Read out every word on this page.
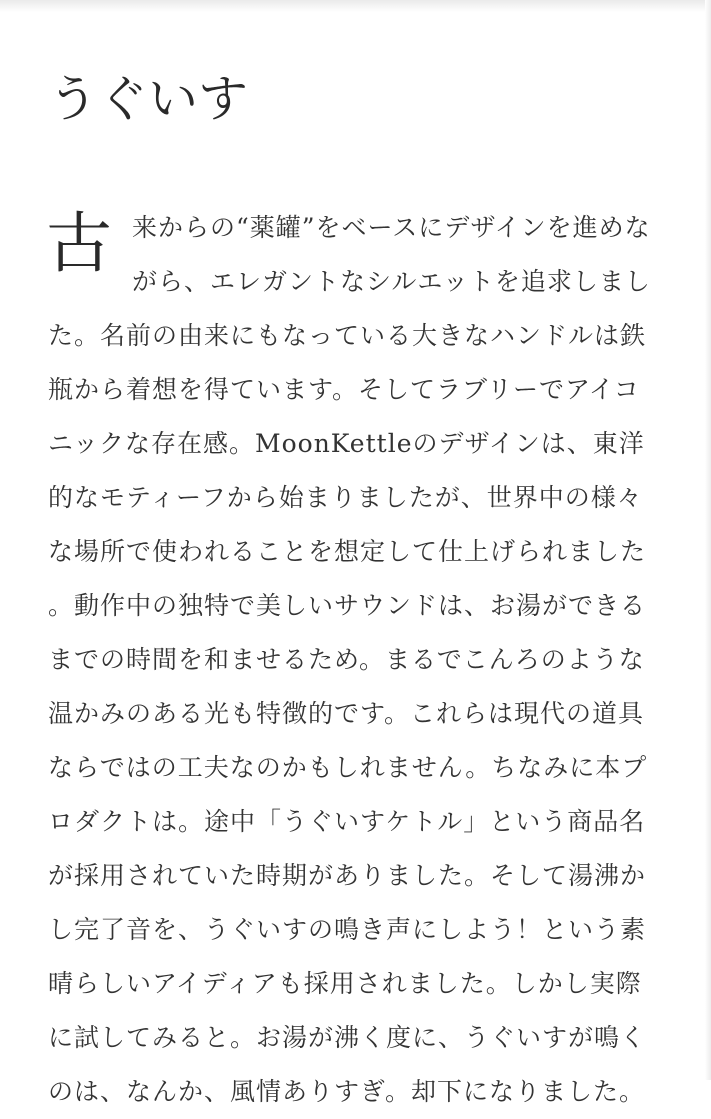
うぐいす

古来からの“薬罐”をベースにデザインを進めながら、エレガントなシルエットを追求しました。名前の由来にもなっている大きなハンドルは鉄瓶から着想を得ています。そしてラブリーでアイコニックな存在感。MoonKettleのデザインは、東洋的なモティーフから始まりましたが、世界中の様々な場所で使われることを想定して仕上げられました。動作中の独特で美しいサウンドは、お湯ができるまでの時間を和ませるため。まるでこんろのような温かみのある光も特徴的です。これらは現代の道具ならではの工夫なのかもしれません。ちなみに本プロダクトは。途中「うぐいすケトル」という商品名が採用されていた時期がありました。そして湯沸かし完了音を、うぐいすの鳴き声にしよう！という素晴らしいアイディアも採用されました。しかし実際に試してみると。お湯が沸く度に、うぐいすが鳴くのは、なんか、風情ありすぎ。却下になりました。
